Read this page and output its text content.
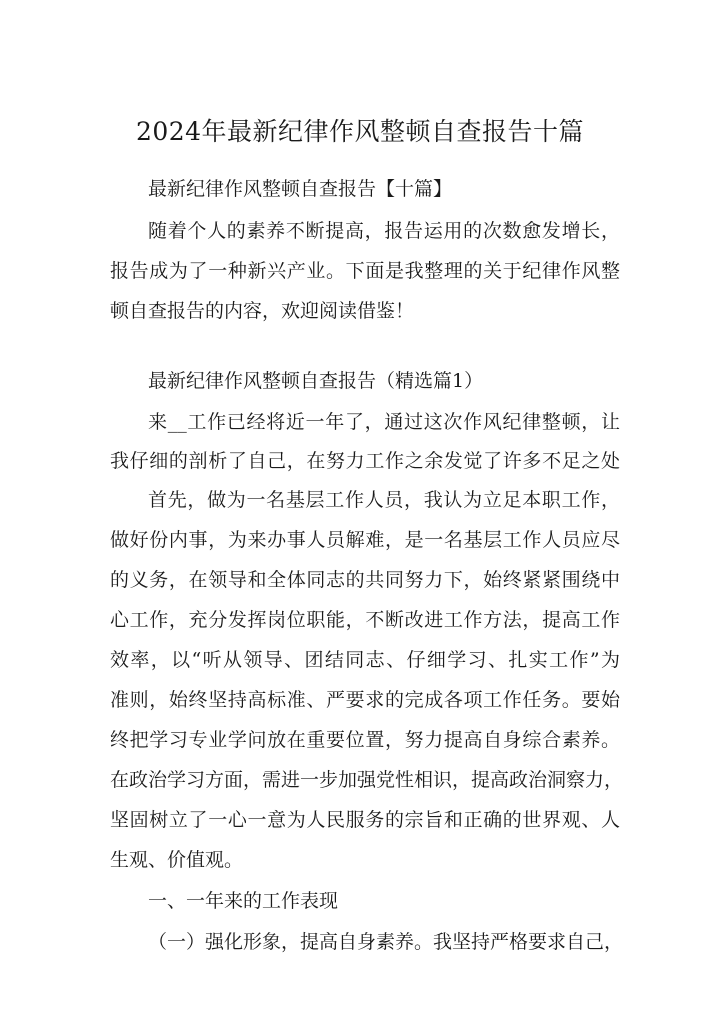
2024年最新纪律作风整顿自查报告十篇
最新纪律作风整顿自查报告【十篇】
随着个人的素养不断提高，报告运用的次数愈发增长，
报告成为了一种新兴产业。下面是我整理的关于纪律作风整
顿自查报告的内容，欢迎阅读借鉴！
最新纪律作风整顿自查报告（精选篇1）
来__工作已经将近一年了，通过这次作风纪律整顿，让
我仔细的剖析了自己，在努力工作之余发觉了许多不足之处
首先，做为一名基层工作人员，我认为立足本职工作，
做好份内事，为来办事人员解难，是一名基层工作人员应尽
的义务，在领导和全体同志的共同努力下，始终紧紧围绕中
心工作，充分发挥岗位职能，不断改进工作方法，提高工作
效率，以“听从领导、团结同志、仔细学习、扎实工作”为
准则，始终坚持高标准、严要求的完成各项工作任务。要始
终把学习专业学问放在重要位置，努力提高自身综合素养。
在政治学习方面，需进一步加强党性相识，提高政治洞察力，
坚固树立了一心一意为人民服务的宗旨和正确的世界观、人
生观、价值观。
一、一年来的工作表现
（一）强化形象，提高自身素养。我坚持严格要求自己，
